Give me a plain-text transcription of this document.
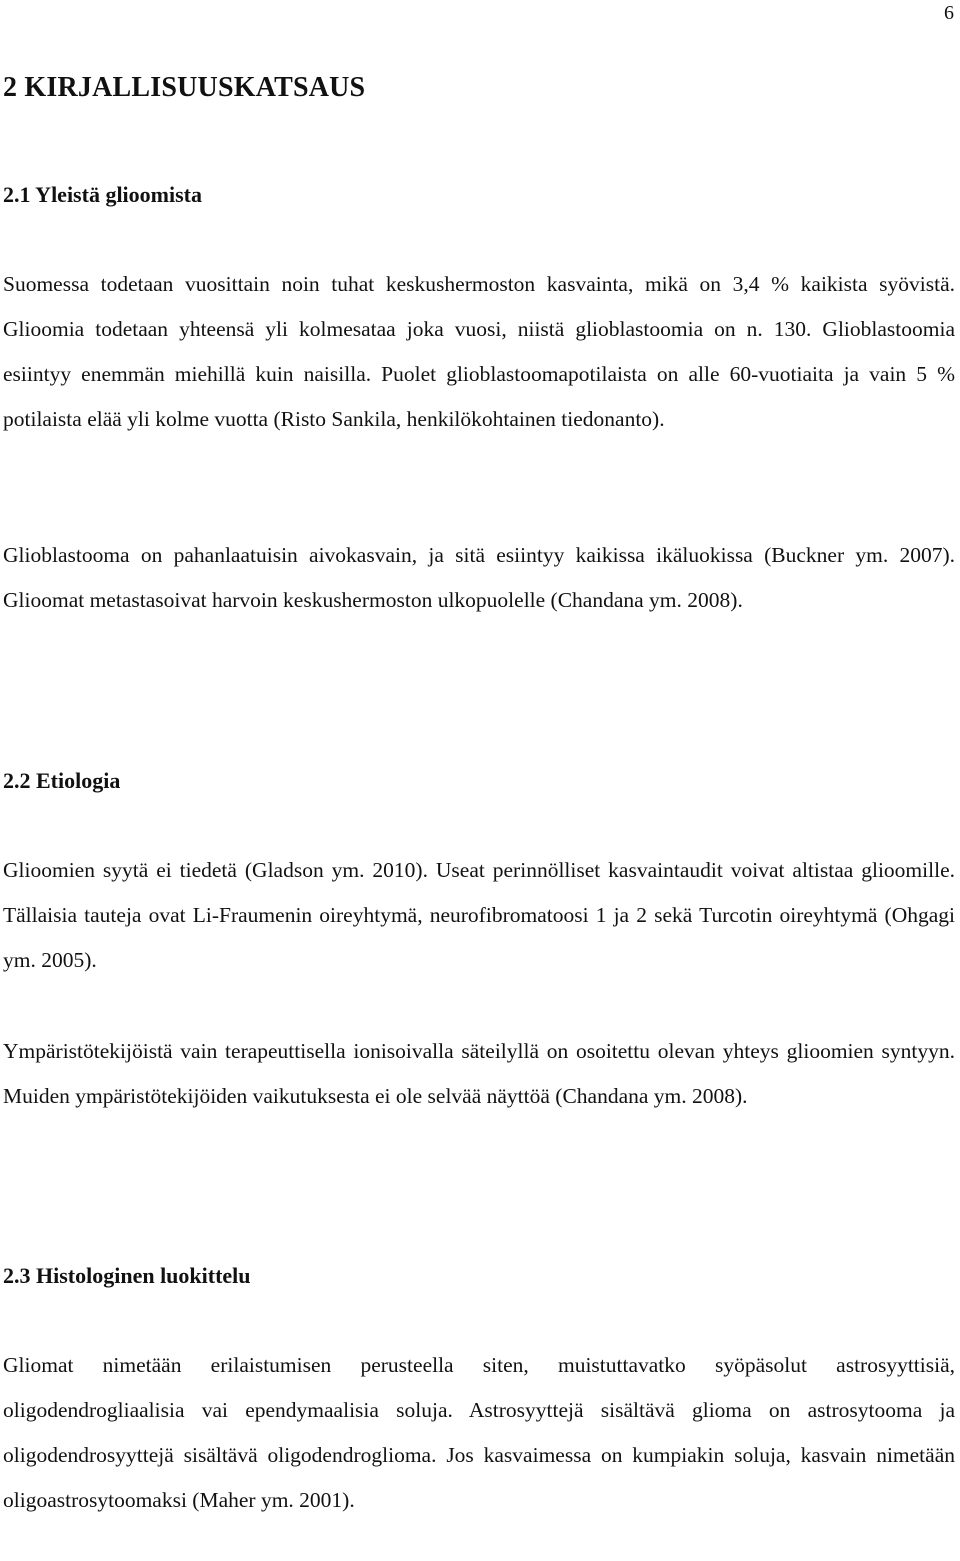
6
2 KIRJALLISUUSKATSAUS
2.1 Yleistä glioomista

Suomessa todetaan vuosittain noin tuhat keskushermoston kasvainta, mikä on 3,4 % kaikista syövistä. Glioomia todetaan yhteensä yli kolmesataa joka vuosi, niistä glioblastoomia on n. 130. Glioblastoomia esiintyy enemmän miehillä kuin naisilla. Puolet glioblastoomapotilaista on alle 60-vuotiaita ja vain 5 % potilaista elää yli kolme vuotta (Risto Sankila, henkilökohtainen tiedonanto).

Glioblastooma on pahanlaatuisin aivokasvain, ja sitä esiintyy kaikissa ikäluokissa (Buckner ym. 2007). Glioomat metastasoivat harvoin keskushermoston ulkopuolelle (Chandana ym. 2008).

2.2 Etiologia

Glioomien syytä ei tiedetä (Gladson ym. 2010). Useat perinnölliset kasvaintaudit voivat altistaa glioomille. Tällaisia tauteja ovat Li-Fraumenin oireyhtymä, neurofibromatoosi 1 ja 2 sekä Turcotin oireyhtymä (Ohgagi ym. 2005).

Ympäristötekijöistä vain terapeuttisella ionisoivalla säteilyllä on osoitettu olevan yhteys glioomien syntyyn. Muiden ympäristötekijöiden vaikutuksesta ei ole selvää näyttöä (Chandana ym. 2008).

2.3 Histologinen luokittelu

Gliomat nimetään erilaistumisen perusteella siten, muistuttavatko syöpäsolut astrosyyttisiä, oligodendrogliaalisia vai ependymaalisia soluja. Astrosyyttejä sisältävä glioma on astrosytooma ja oligodendrosyyttejä sisältävä oligodendroglioma. Jos kasvaimessa on kumpiakin soluja, kasvain nimetään oligoastrosytoomaksi (Maher ym. 2001).
